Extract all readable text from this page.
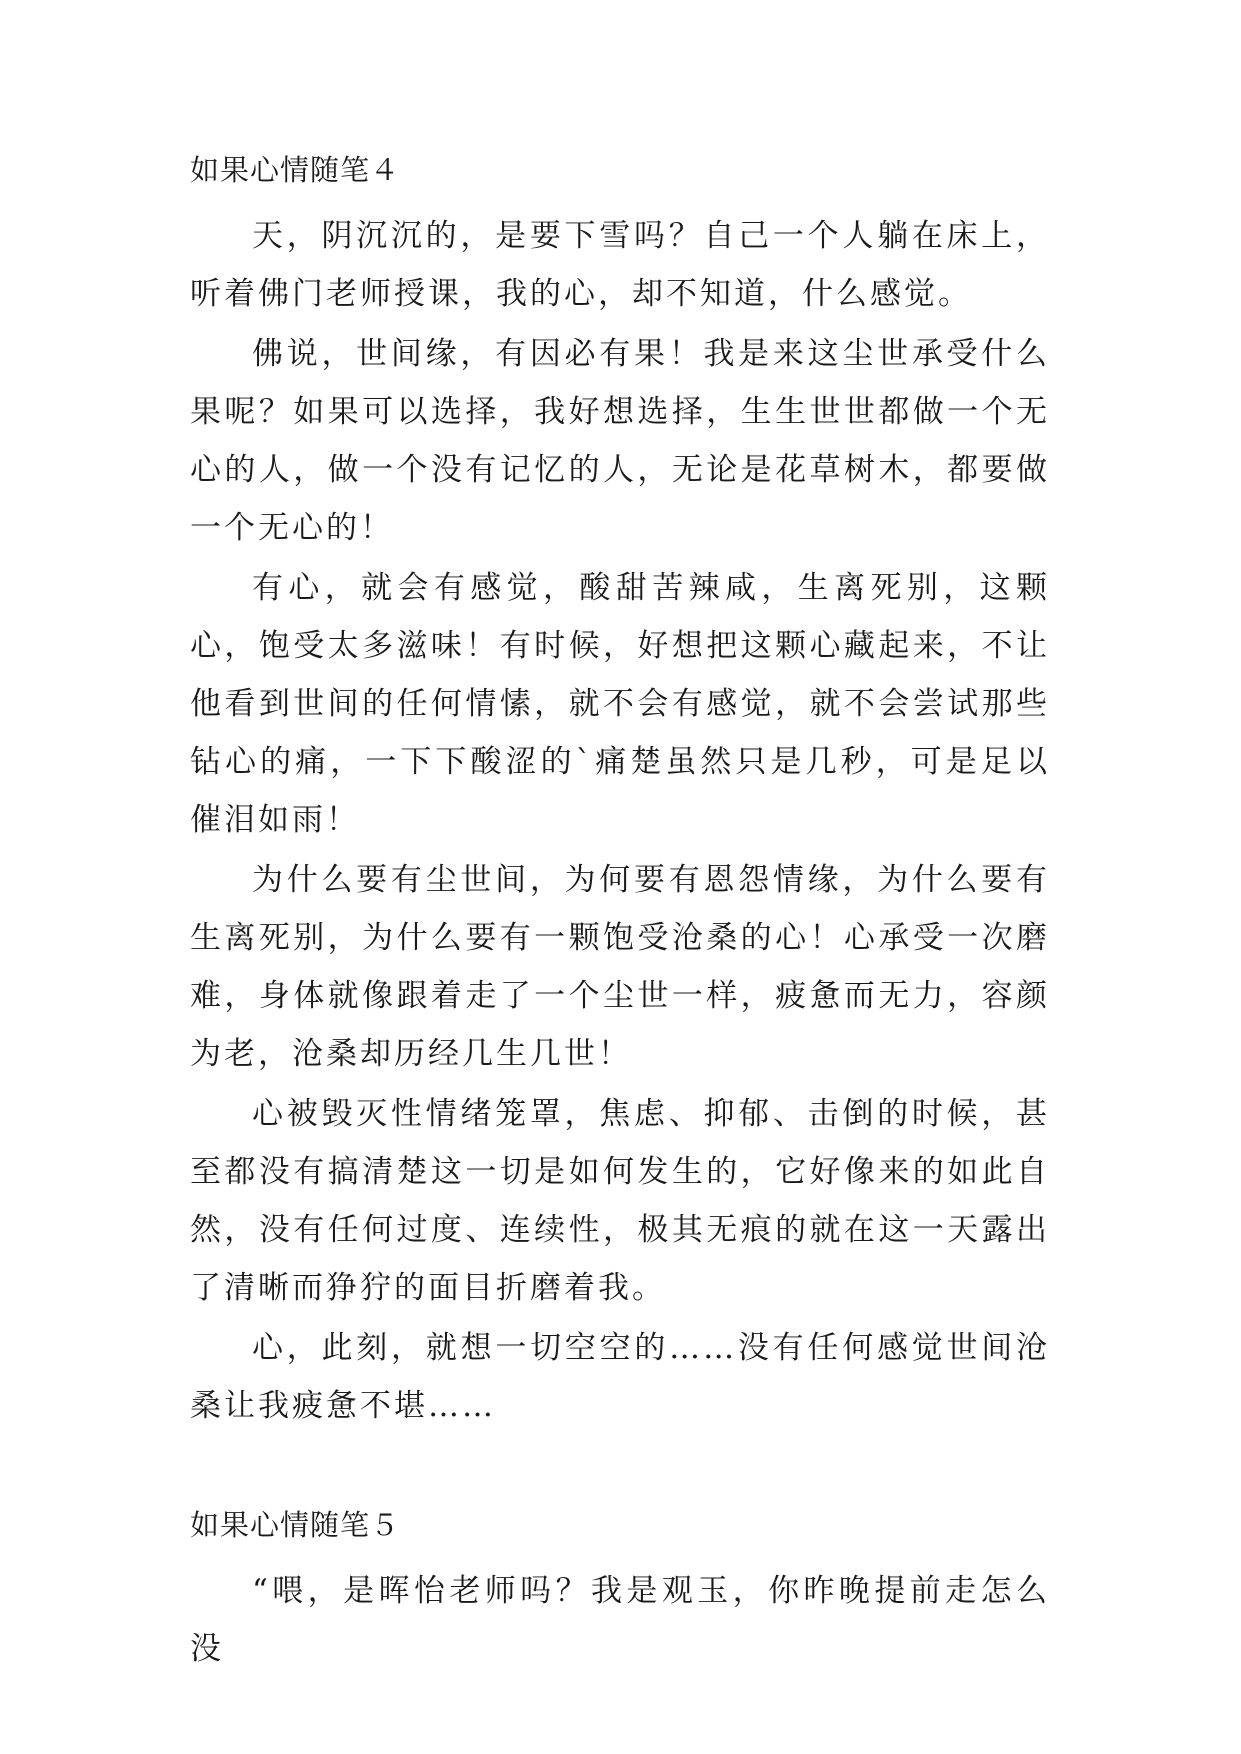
如果心情随笔４

天，阴沉沉的，是要下雪吗？自己一个人躺在床上，听着佛门老师授课，我的心，却不知道，什么感觉。

佛说，世间缘，有因必有果！我是来这尘世承受什么果呢？如果可以选择，我好想选择，生生世世都做一个无心的人，做一个没有记忆的人，无论是花草树木，都要做一个无心的！

有心，就会有感觉，酸甜苦辣咸，生离死别，这颗心，饱受太多滋味！有时候，好想把这颗心藏起来，不让他看到世间的任何情愫，就不会有感觉，就不会尝试那些钻心的痛，一下下酸涩的`痛楚虽然只是几秒，可是足以催泪如雨！

为什么要有尘世间，为何要有恩怨情缘，为什么要有生离死别，为什么要有一颗饱受沧桑的心！心承受一次磨难，身体就像跟着走了一个尘世一样，疲惫而无力，容颜为老，沧桑却历经几生几世！

心被毁灭性情绪笼罩，焦虑、抑郁、击倒的时候，甚至都没有搞清楚这一切是如何发生的，它好像来的如此自然，没有任何过度、连续性，极其无痕的就在这一天露出了清晰而狰狞的面目折磨着我。

心，此刻，就想一切空空的……没有任何感觉世间沧桑让我疲惫不堪……

如果心情随笔５

“喂，是晖怡老师吗？我是观玉，你昨晚提前走怎么没
